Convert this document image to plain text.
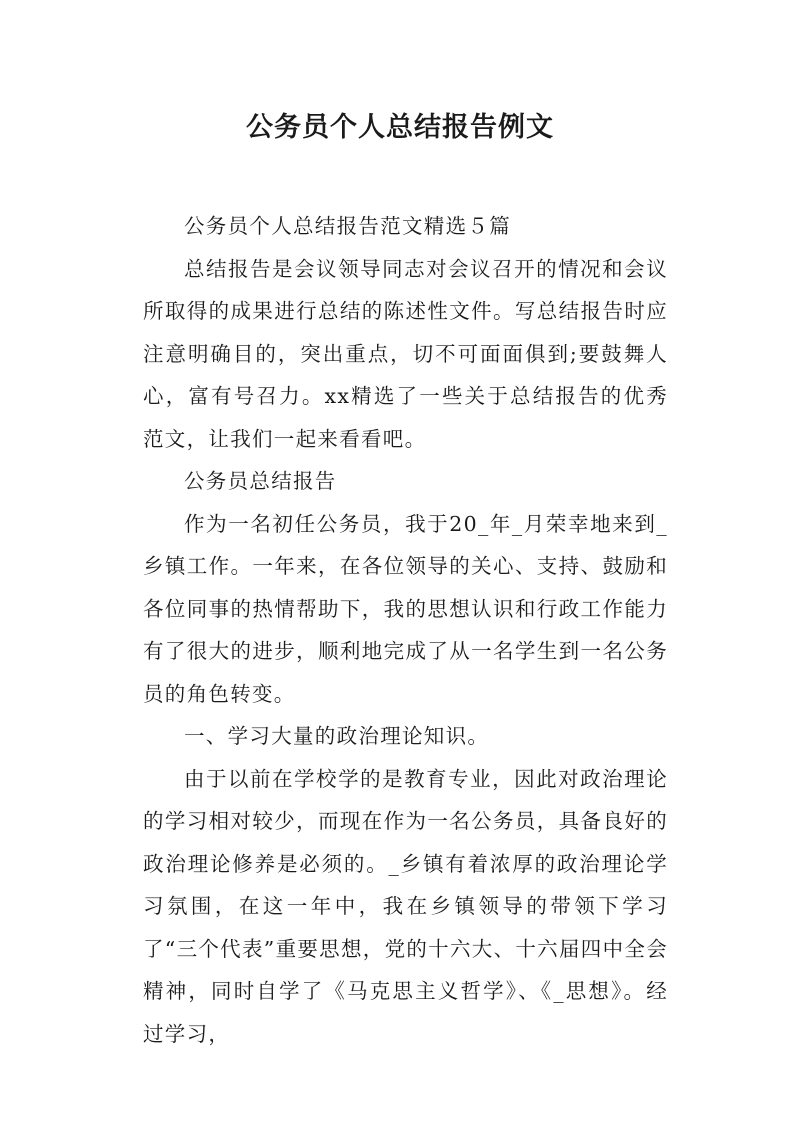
公务员个人总结报告例文

公务员个人总结报告范文精选５篇

总结报告是会议领导同志对会议召开的情况和会议所取得的成果进行总结的陈述性文件。写总结报告时应注意明确目的，突出重点，切不可面面俱到;要鼓舞人心，富有号召力。xx精选了一些关于总结报告的优秀范文，让我们一起来看看吧。

公务员总结报告

作为一名初任公务员，我于20_年_月荣幸地来到_乡镇工作。一年来，在各位领导的关心、支持、鼓励和各位同事的热情帮助下，我的思想认识和行政工作能力有了很大的进步，顺利地完成了从一名学生到一名公务员的角色转变。

一、学习大量的政治理论知识。

由于以前在学校学的是教育专业，因此对政治理论的学习相对较少，而现在作为一名公务员，具备良好的政治理论修养是必须的。_乡镇有着浓厚的政治理论学习氛围，在这一年中，我在乡镇领导的带领下学习了“三个代表”重要思想，党的十六大、十六届四中全会精神，同时自学了《马克思主义哲学》、《_思想》。经过学习，
